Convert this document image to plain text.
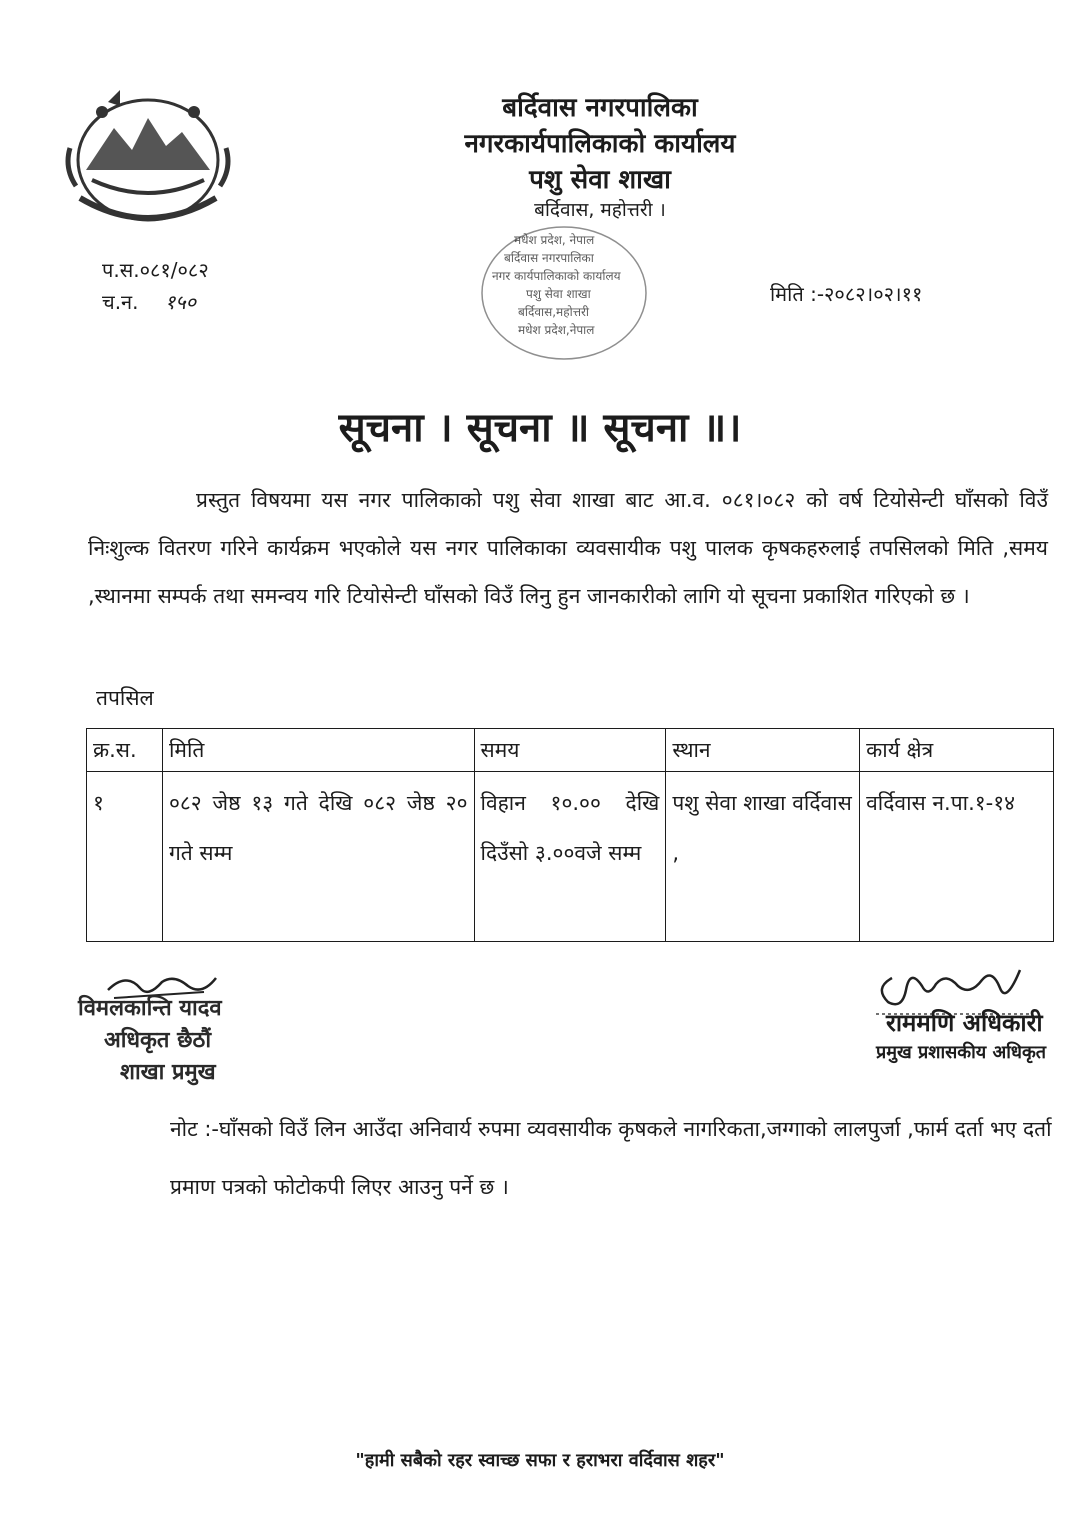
बर्दिवास नगरपालिका
नगरकार्यपालिकाको कार्यालय
पशु सेवा शाखा
बर्दिवास, महोत्तरी ।
मधेश प्रदेश, नेपाल
बर्दिवास नगरपालिका
नगर कार्यपालिकाको कार्यालय
पशु सेवा शाखा
बर्दिवास,महोत्तरी
मधेश प्रदेश,नेपाल
प.स.०८१/०८२
च.न. १५०	मिति :-२०८२।०२।११
सूचना । सूचना ॥ सूचना ॥।
प्रस्तुत विषयमा यस नगर पालिकाको पशु सेवा शाखा बाट आ.व. ०८१।०८२ को वर्ष टियोसेन्टी घाँसको विउँ निःशुल्क वितरण गरिने कार्यक्रम भएकोले यस नगर पालिकाका व्यवसायीक पशु पालक कृषकहरुलाई तपसिलको मिति ,समय ,स्थानमा सम्पर्क तथा समन्वय गरि टियोसेन्टी घाँसको विउँ लिनु हुन जानकारीको लागि यो सूचना प्रकाशित गरिएको छ ।
तपसिल
क्र.स.	मिति	समय	स्थान	कार्य क्षेत्र
१	०८२ जेष्ठ १३ गते देखि ०८२ जेष्ठ २० गते सम्म	विहान १०.०० देखि दिउँसो ३.००वजे सम्म	पशु सेवा शाखा वर्दिवास ,	वर्दिवास न.पा.१-१४
विमलकान्ति यादव
अधिकृत छैठौं
शाखा प्रमुख
राममणि अधिकारी
प्रमुख प्रशासकीय अधिकृत
नोट :-घाँसको विउँ लिन आउँदा अनिवार्य रुपमा व्यवसायीक कृषकले नागरिकता,जग्गाको लालपुर्जा ,फार्म दर्ता भए दर्ता प्रमाण पत्रको फोटोकपी लिएर आउनु पर्ने छ ।
"हामी सबैको रहर स्वाच्छ सफा र हराभरा वर्दिवास शहर"
